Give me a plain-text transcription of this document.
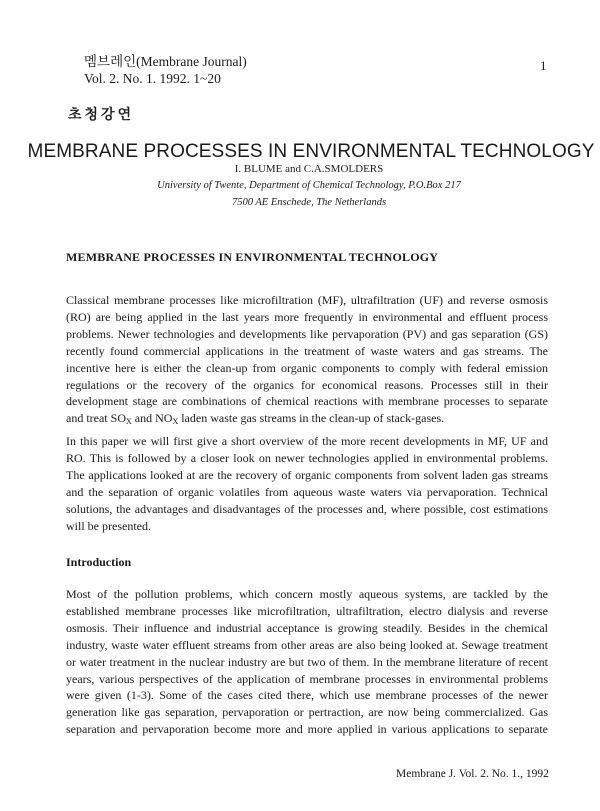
멤브레인(Membrane Journal)
Vol. 2. No. 1. 1992. 1~20
1
초청강연
MEMBRANE PROCESSES IN ENVIRONMENTAL TECHNOLOGY
I. BLUME and C.A.SMOLDERS
University of Twente, Department of Chemical Technology, P.O.Box 217
7500 AE Enschede, The Netherlands
MEMBRANE PROCESSES IN ENVIRONMENTAL TECHNOLOGY
Classical membrane processes like microfiltration (MF), ultrafiltration (UF) and reverse osmosis
(RO) are being applied in the last years more frequently in environmental and effluent process
problems. Newer technologies and developments like pervaporation (PV) and gas separation (GS)
recently found commercial applications in the treatment of waste waters and gas streams. The
incentive here is either the clean-up from organic components to comply with federal emission
regulations or the recovery of the organics for economical reasons. Processes still in their
development stage are combinations of chemical reactions with membrane processes to separate
and treat $SO_X$ and $NO_X$ laden waste gas streams in the clean-up of stack-gases.
In this paper we will first give a short overview of the more recent developments in MF, UF and
RO. This is followed by a closer look on newer technologies applied in environmental problems.
The applications looked at are the recovery of organic components from solvent laden gas streams
and the separation of organic volatiles from aqueous waste waters via pervaporation. Technical
solutions, the advantages and disadvantages of the processes and, where possible, cost estimations
will be presented.
Introduction
Most of the pollution problems, which concern mostly aqueous systems, are tackled by the
established membrane processes like microfiltration, ultrafiltration, electro dialysis and reverse
osmosis. Their influence and industrial acceptance is growing steadily. Besides in the chemical
industry, waste water effluent streams from other areas are also being looked at. Sewage treatment
or water treatment in the nuclear industry are but two of them. In the membrane literature of recent
years, various perspectives of the application of membrane processes in environmental problems
were given (1-3). Some of the cases cited there, which use membrane processes of the newer
generation like gas separation, pervaporation or pertraction, are now being commercialized. Gas
separation and pervaporation become more and more applied in various applications to separate
Membrane J. Vol. 2. No. 1., 1992
